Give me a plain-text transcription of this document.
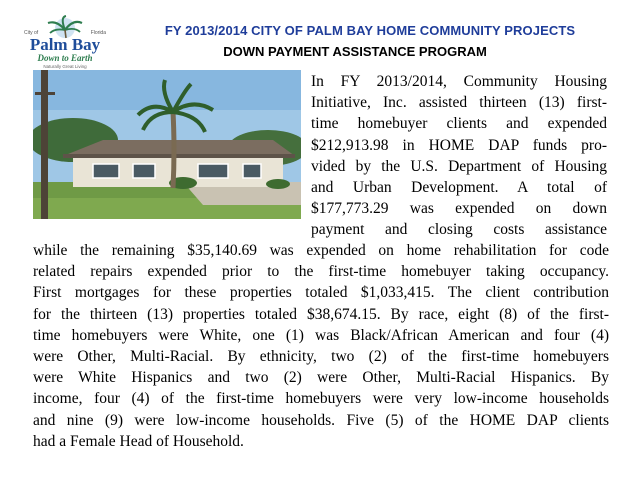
City of	Florida
Palm Bay
Down to Earth
Naturally Great Living
FY 2013/2014 CITY OF PALM BAY HOME COMMUNITY PROJECTS
DOWN PAYMENT ASSISTANCE PROGRAM
In FY 2013/2014, Community Housing
Initiative, Inc. assisted thirteen (13) first-
time homebuyer clients and expended
$212,913.98 in HOME DAP funds pro-
vided by the U.S. Department of Housing
and Urban Development. A total of
$177,773.29 was expended on down
payment and closing costs assistance
while the remaining $35,140.69 was expended on home rehabilitation for code
related repairs expended prior to the first-time homebuyer taking occupancy.
First mortgages for these properties totaled $1,033,415. The client contribution
for the thirteen (13) properties totaled $38,674.15. By race, eight (8) of the first-
time homebuyers were White, one (1) was Black/African American and four (4)
were Other, Multi-Racial. By ethnicity, two (2) of the first-time homebuyers
were White Hispanics and two (2) were Other, Multi-Racial Hispanics. By
income, four (4) of the first-time homebuyers were very low-income households
and nine (9) were low-income households. Five (5) of the HOME DAP clients
had a Female Head of Household.
